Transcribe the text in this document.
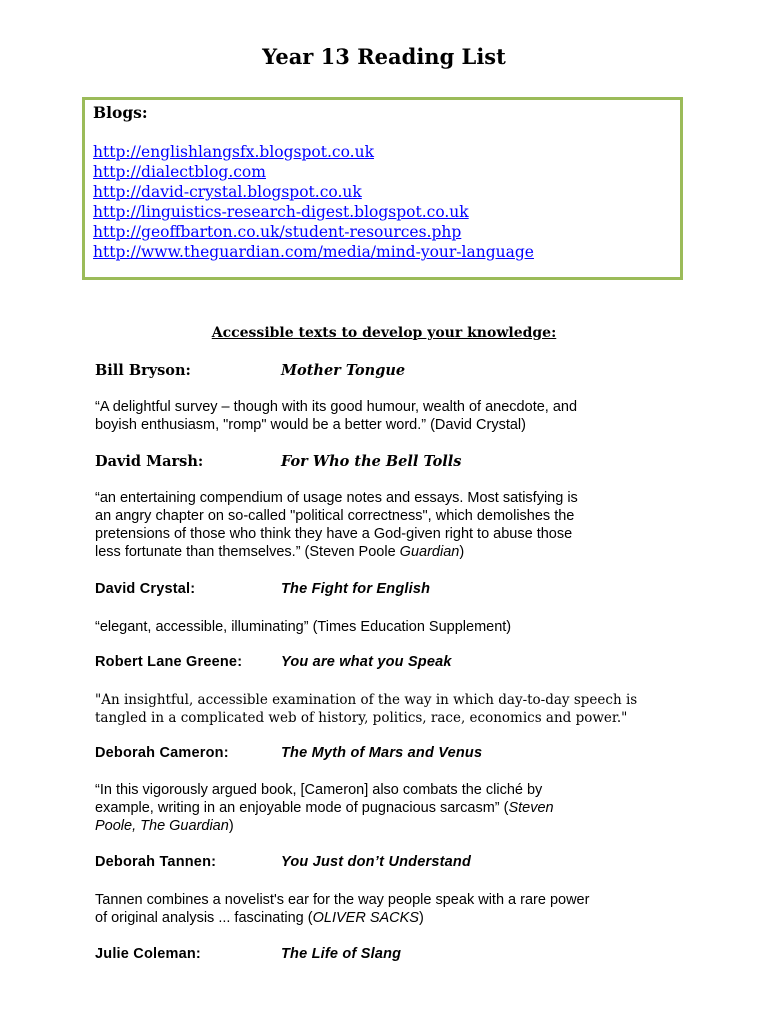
Year 13 Reading List
Blogs:
http://englishlangsfx.blogspot.co.uk
http://dialectblog.com
http://david-crystal.blogspot.co.uk
http://linguistics-research-digest.blogspot.co.uk
http://geoffbarton.co.uk/student-resources.php
http://www.theguardian.com/media/mind-your-language
Accessible texts to develop your knowledge:
Bill Bryson:	Mother Tongue
“A delightful survey – though with its good humour, wealth of anecdote, and
boyish enthusiasm, "romp" would be a better word.” (David Crystal)
David Marsh:	For Who the Bell Tolls
“an entertaining compendium of usage notes and essays. Most satisfying is
an angry chapter on so-called "political correctness", which demolishes the
pretensions of those who think they have a God-given right to abuse those
less fortunate than themselves.” (Steven Poole Guardian)
David Crystal:	The Fight for English
“elegant, accessible, illuminating” (Times Education Supplement)
Robert Lane Greene:	You are what you Speak
"An insightful, accessible examination of the way in which day-to-day speech is
tangled in a complicated web of history, politics, race, economics and power."
Deborah Cameron:	The Myth of Mars and Venus
“In this vigorously argued book, [Cameron] also combats the cliché by
example, writing in an enjoyable mode of pugnacious sarcasm” (Steven
Poole, The Guardian)
Deborah Tannen:	You Just don’t Understand
Tannen combines a novelist's ear for the way people speak with a rare power
of original analysis ... fascinating (OLIVER SACKS)
Julie Coleman:	The Life of Slang
